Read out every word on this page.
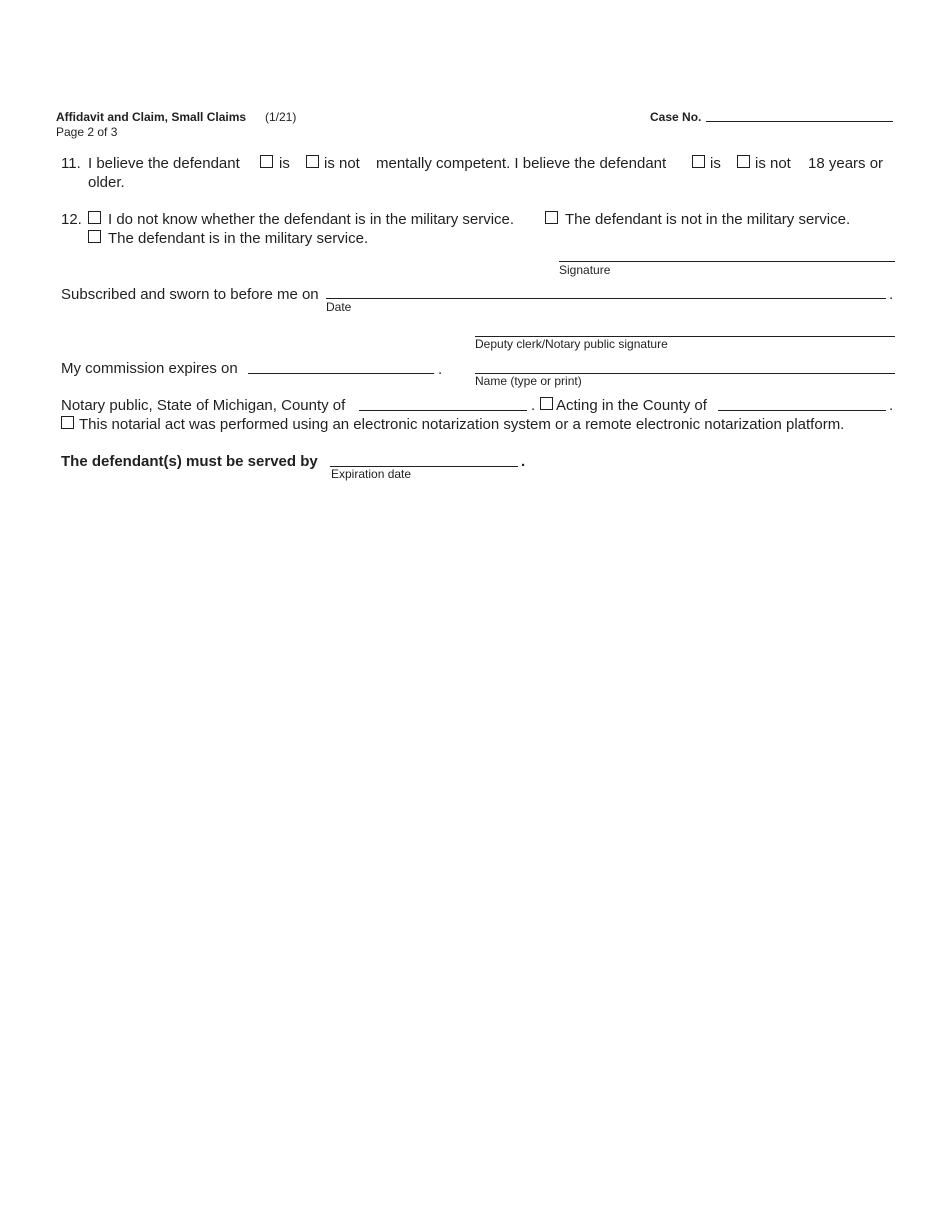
Affidavit and Claim, Small Claims (1/21)
Page 2 of 3
Case No.
11. I believe the defendant	is is not mentally competent. I believe the defendant	is is not 18 years or
older.
12. I do not know whether the defendant is in the military service.	The defendant is not in the military service.
The defendant is in the military service.
Signature
Subscribed and sworn to before me on	.
Date
Deputy clerk/Notary public signature
My commission expires on	.
Name (type or print)
Notary public, State of Michigan, County of	. Acting in the County of	.
This notarial act was performed using an electronic notarization system or a remote electronic notarization platform.
The defendant(s) must be served by	.
Expiration date
